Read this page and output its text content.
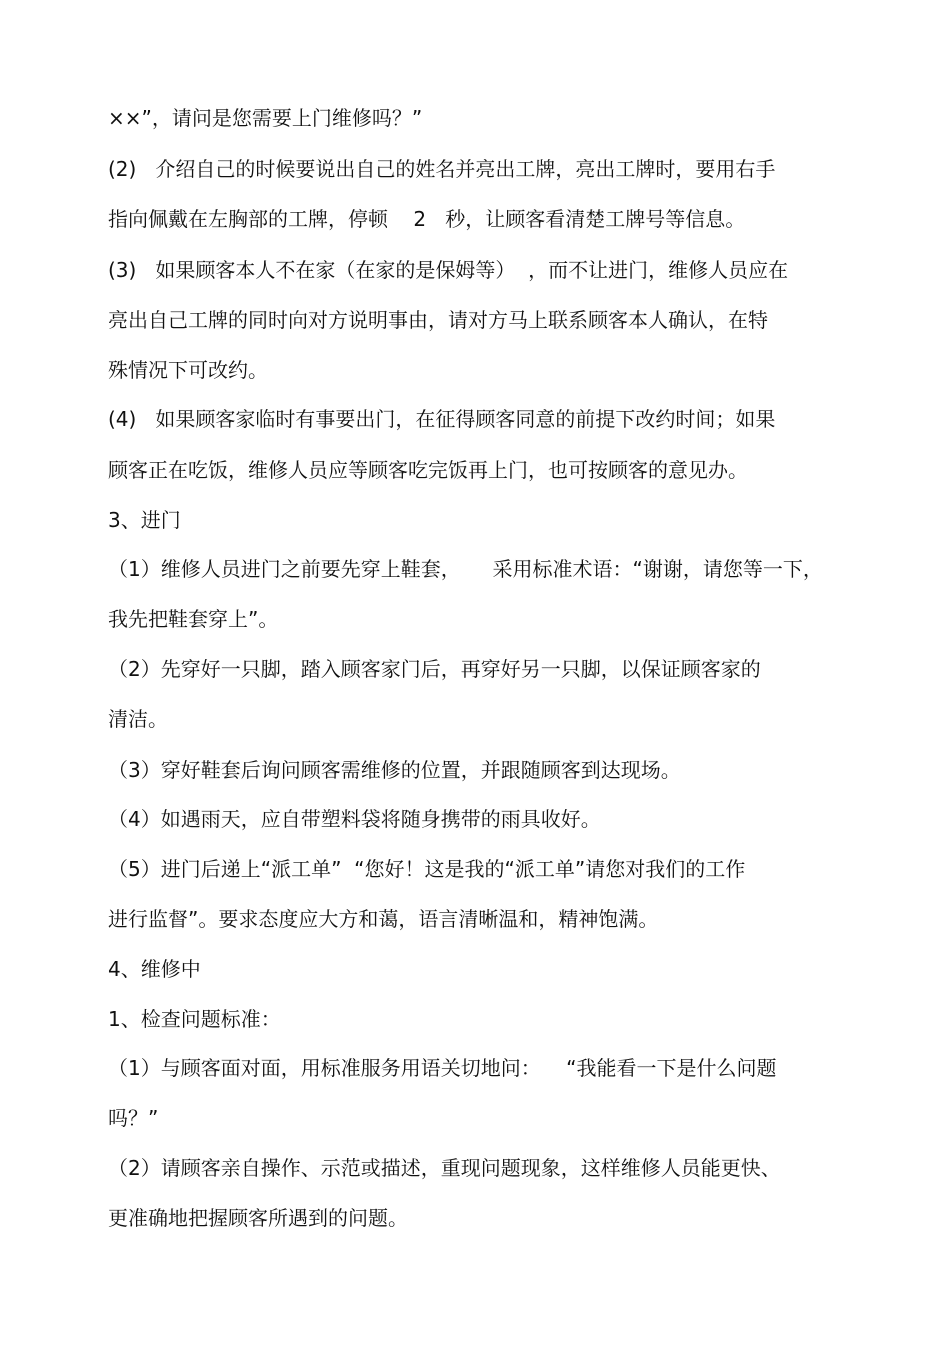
××”，请问是您需要上门维修吗？”
(2)   介绍自己的时候要说出自己的姓名并亮出工牌，亮出工牌时，要用右手
指向佩戴在左胸部的工牌，停顿    2   秒，让顾客看清楚工牌号等信息。
(3)   如果顾客本人不在家（在家的是保姆等）  ，而不让进门，维修人员应在
亮出自己工牌的同时向对方说明事由，请对方马上联系顾客本人确认，在特
殊情况下可改约。
(4)   如果顾客家临时有事要出门，在征得顾客同意的前提下改约时间；如果
顾客正在吃饭，维修人员应等顾客吃完饭再上门，也可按顾客的意见办。
3、进门
（1）维修人员进门之前要先穿上鞋套，     采用标准术语：“谢谢，请您等一下，
我先把鞋套穿上”。
（2）先穿好一只脚，踏入顾客家门后，再穿好另一只脚，以保证顾客家的
清洁。
（3）穿好鞋套后询问顾客需维修的位置，并跟随顾客到达现场。
（4）如遇雨天，应自带塑料袋将随身携带的雨具收好。
（5）进门后递上“派工单”  “您好！这是我的“派工单”请您对我们的工作
进行监督”。要求态度应大方和蔼，语言清晰温和，精神饱满。
4、维修中
1、检查问题标准：
（1）与顾客面对面，用标准服务用语关切地问：    “我能看一下是什么问题
吗？”
（2）请顾客亲自操作、示范或描述，重现问题现象，这样维修人员能更快、
更准确地把握顾客所遇到的问题。
